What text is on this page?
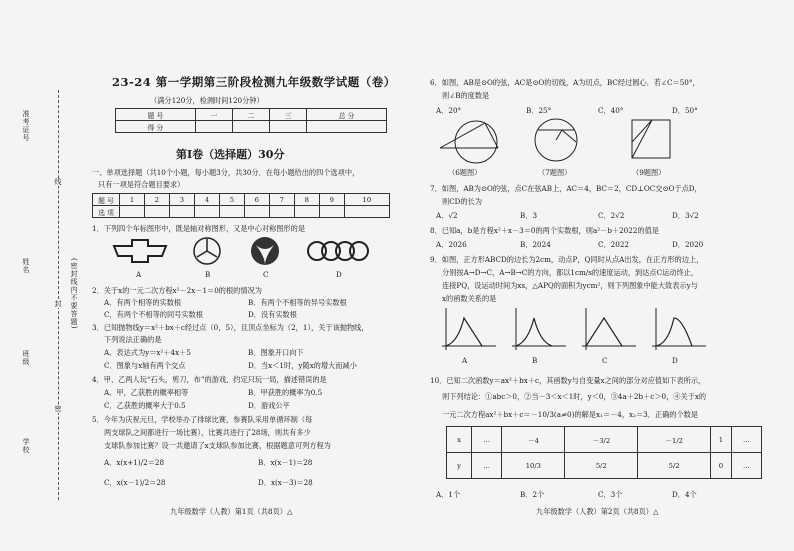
准考证号
姓名
班级
学校
线
封
密
(密封线内不要答题)
23-24 第一学期第三阶段检测九年级数学试题（卷）
（满分120分，检测时间120分钟）
题 号	一	二	三	总 分
得 分				
第Ⅰ卷（选择题）30分
一、单项选择题（共10个小题，每小题3分，共30分．在每小题给出的四个选项中，
只有一项是符合题目要求）
题 号	1	2	3	4	5	6	7	8	9	10
选 项										
1．下列四个车标图形中，既是轴对称图形，又是中心对称图形的是
A	B	C	D
2．关于x的一元二次方程x²－2x－1＝0的根的情况为
A．有两个相等的实数根	B．有两个不相等的异号实数根
C．有两个不相等的同号实数根	D．没有实数根
3．已知抛物线y＝x²＋bx＋c经过点（0，5），且顶点坐标为（2，1），关于该抛物线，
下列说法正确的是
A．表达式为y＝x²＋4x＋5	B．图象开口向下
C．图象与x轴有两个交点	D．当x＜1时，y随x的增大而减小
4．甲、乙两人玩“石头，剪刀，布”的游戏，约定只玩一局，描述错误的是
A．甲，乙获胜的概率相等	B．甲获胜的概率为0.5
C．乙获胜的概率大于0.5	D．游戏公平
5．今年为庆祝元旦，学校举办了排球比赛，参赛队采用单循环制（每
两支球队之间都进行一场比赛），比赛共进行了28场，则共有多少
支球队参加比赛？设一共邀请了x支球队参加比赛，根据题意可列方程为
A．x(x+1)/2＝28	B．x(x－1)＝28
C．x(x－1)/2＝28	D．x(x－3)＝28
九年级数学（人教）第1页（共8页）△
6．如图，AB是⊙O的弦，AC是⊙O的切线，A为切点，BC经过圆心．若∠C＝50°，
则∠B的度数是
A．20°	B．25°	C．40°	D．50°
（6题图）	（7题图）	（9题图）
7．如图，AB为⊙O的弦，点C在弦AB上，AC＝4，BC＝2，CD⊥OC交⊙O于点D，
则CD的长为
A．√2	B．3	C．2√2	D．3√2
8．已知a，b是方程x²＋x－3＝0的两个实数根，则a²－b＋2022的值是
A．2026	B．2024	C．2022	D．2020
9．如图，正方形ABCD的边长为2cm，动点P，Q同时从点A出发，在正方形的边上，
分别按A→D→C，A→B→C的方向，都以1cm/s的速度运动，到达点C运动终止，
连接PQ，设运动时间为xs，△APQ的面积为ycm²，则下列图象中能大致表示y与
x的函数关系的是
A	B	C	D
10．已知二次函数y＝ax²＋bx＋c，其函数y与自变量x之间的部分对应值如下表所示，
则下列结论：①abc＞0，②当－3＜x＜1时，y＜0，③4a＋2b＋c＞0，④关于x的
一元二次方程ax²＋bx＋c＝－10/3(a≠0)的解是x₁＝－4，x₂＝3．正确的个数是
x	…	－4	－3/2	－1/2	1	…
y	…	10/3	5/2	5/2	0	…
A．1个	B．2个	C．3个	D．4个
九年级数学（人教）第2页（共8页）△
